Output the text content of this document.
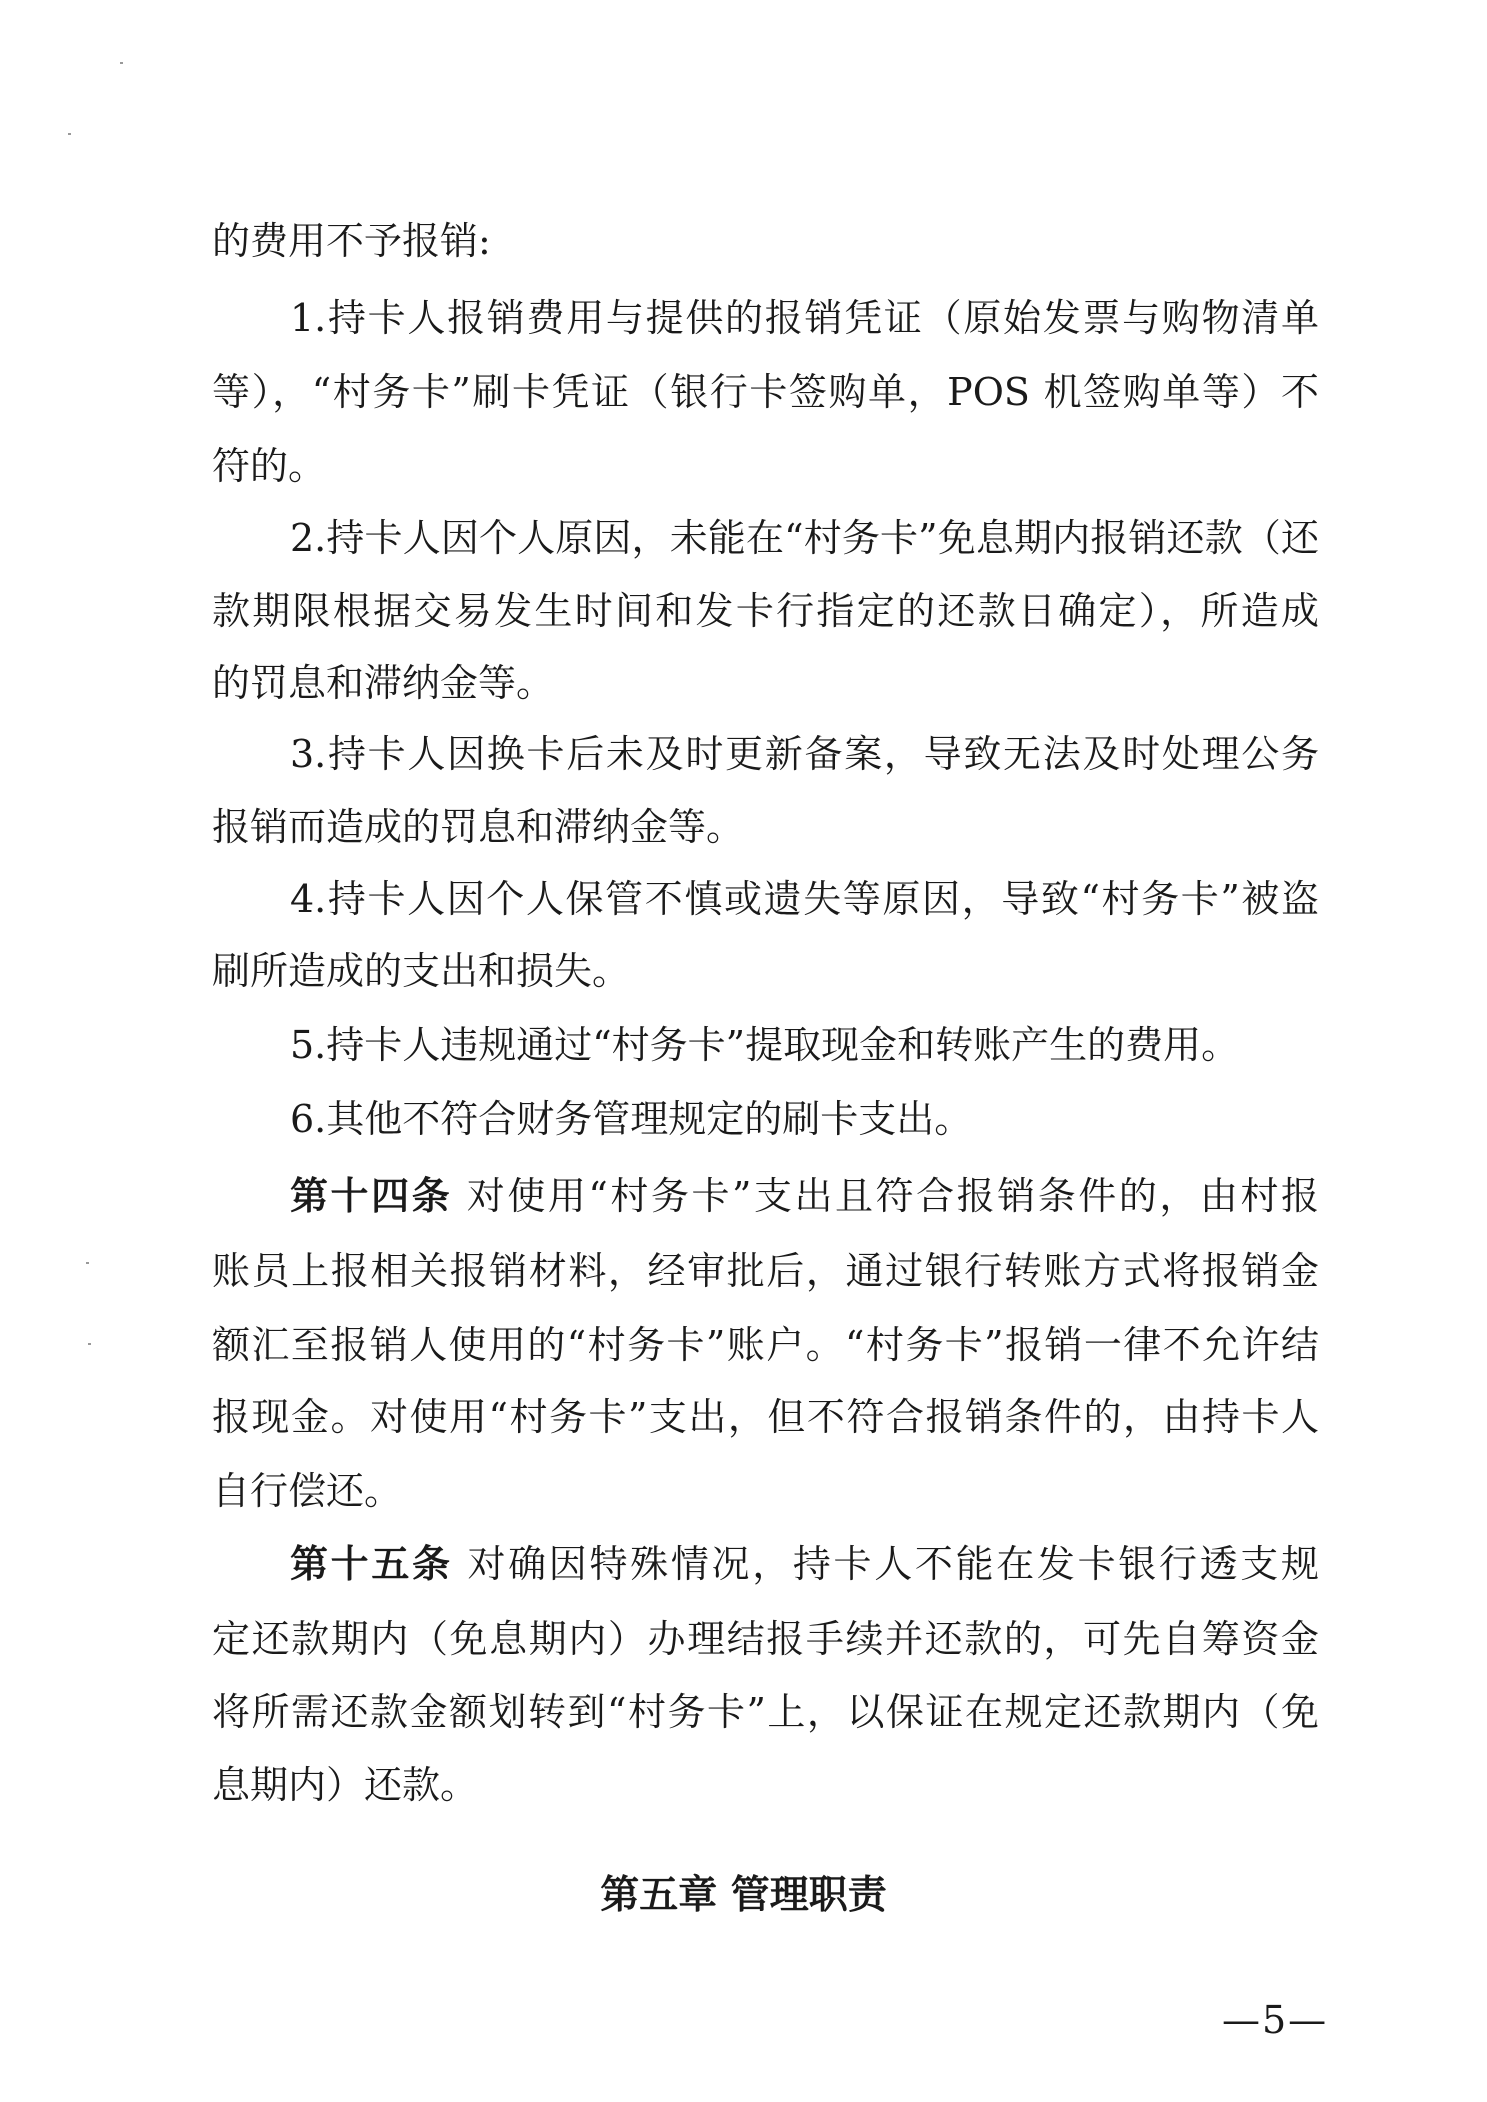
第五章 管理职责
—5—
的费用不予报销:
1.持卡人报销费用与提供的报销凭证（原始发票与购物清单
等），“村务卡”刷卡凭证（银行卡签购单，POS 机签购单等）不
符的。
2.持卡人因个人原因，未能在“村务卡”免息期内报销还款（还
款期限根据交易发生时间和发卡行指定的还款日确定），所造成
的罚息和滞纳金等。
3.持卡人因换卡后未及时更新备案，导致无法及时处理公务
报销而造成的罚息和滞纳金等。
4.持卡人因个人保管不慎或遗失等原因，导致“村务卡”被盗
刷所造成的支出和损失。
5.持卡人违规通过“村务卡”提取现金和转账产生的费用。
6.其他不符合财务管理规定的刷卡支出。
第十四条 对使用“村务卡”支出且符合报销条件的，由村报
账员上报相关报销材料，经审批后，通过银行转账方式将报销金
额汇至报销人使用的“村务卡”账户。“村务卡”报销一律不允许结
报现金。对使用“村务卡”支出，但不符合报销条件的，由持卡人
自行偿还。
第十五条 对确因特殊情况，持卡人不能在发卡银行透支规
定还款期内（免息期内）办理结报手续并还款的，可先自筹资金
将所需还款金额划转到“村务卡”上，以保证在规定还款期内（免
息期内）还款。
